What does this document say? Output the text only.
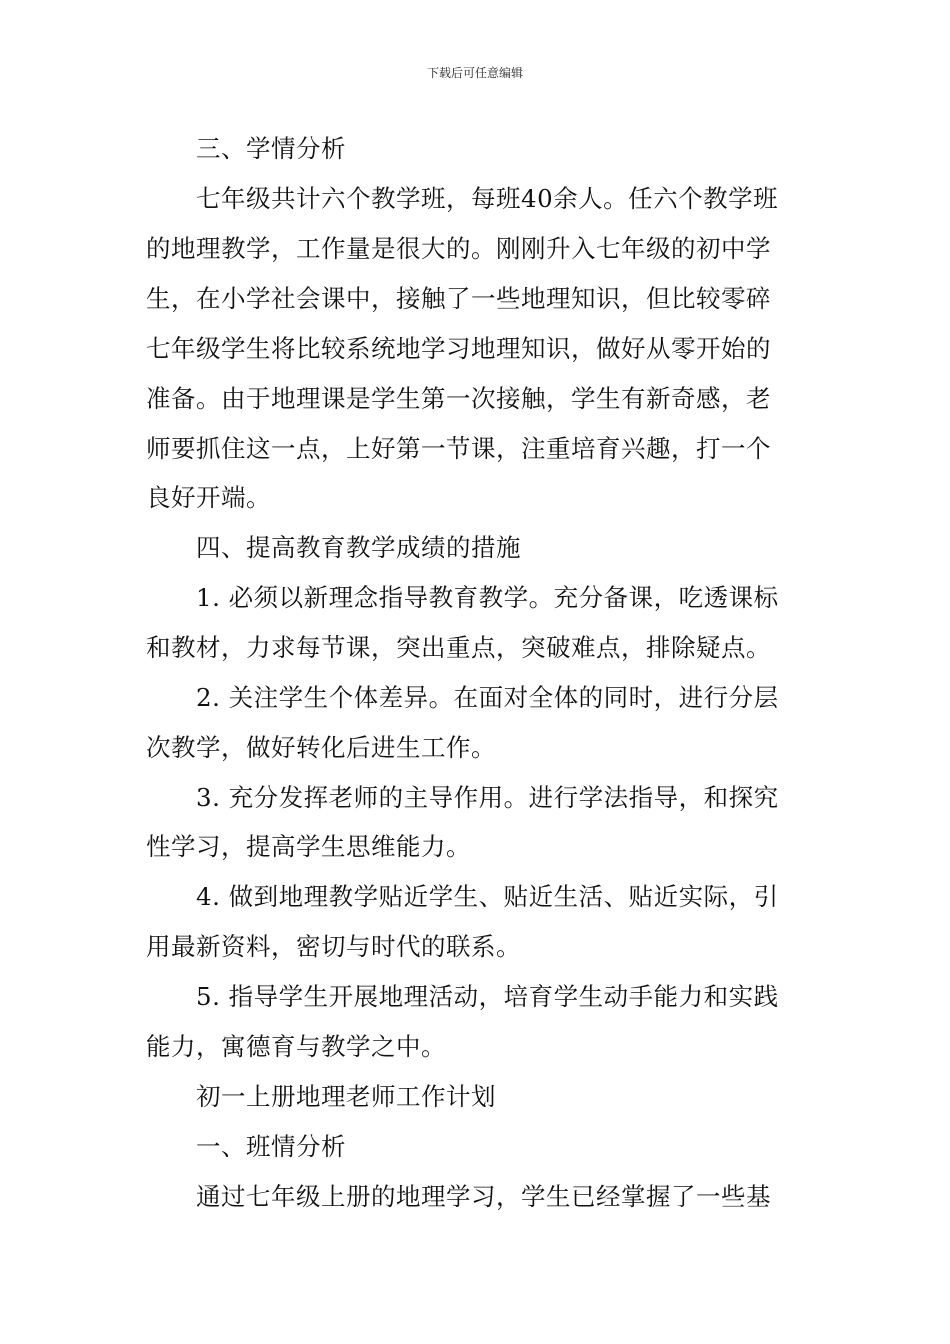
下载后可任意编辑
三、学情分析
七年级共计六个教学班，每班40余人。任六个教学班
的地理教学，工作量是很大的。刚刚升入七年级的初中学
生，在小学社会课中，接触了一些地理知识，但比较零碎
七年级学生将比较系统地学习地理知识，做好从零开始的
准备。由于地理课是学生第一次接触，学生有新奇感，老
师要抓住这一点，上好第一节课，注重培育兴趣，打一个
良好开端。
四、提高教育教学成绩的措施
1. 必须以新理念指导教育教学。充分备课，吃透课标
和教材，力求每节课，突出重点，突破难点，排除疑点。
2. 关注学生个体差异。在面对全体的同时，进行分层
次教学，做好转化后进生工作。
3. 充分发挥老师的主导作用。进行学法指导，和探究
性学习，提高学生思维能力。
4. 做到地理教学贴近学生、贴近生活、贴近实际，引
用最新资料，密切与时代的联系。
5. 指导学生开展地理活动，培育学生动手能力和实践
能力，寓德育与教学之中。
初一上册地理老师工作计划
一、班情分析
通过七年级上册的地理学习，学生已经掌握了一些基
